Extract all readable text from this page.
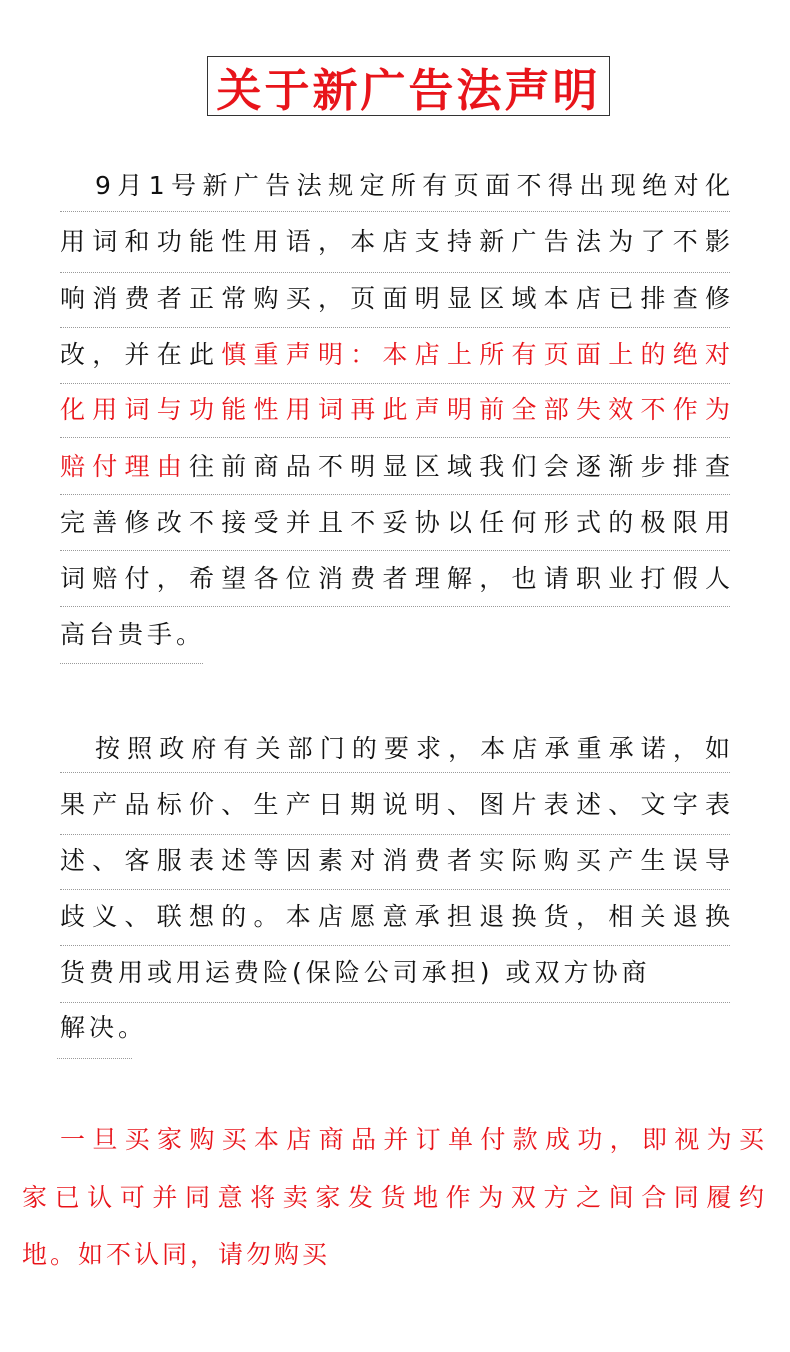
关于新广告法声明
9月1号新广告法规定所有页面不得出现绝对化
用词和功能性用语，本店支持新广告法为了不影
响消费者正常购买，页面明显区域本店已排查修
改，并在此慎重声明：本店上所有页面上的绝对
化用词与功能性用词再此声明前全部失效不作为
赔付理由往前商品不明显区域我们会逐渐步排查
完善修改不接受并且不妥协以任何形式的极限用
词赔付，希望各位消费者理解，也请职业打假人
高台贵手。
按照政府有关部门的要求，本店承重承诺，如
果产品标价、生产日期说明、图片表述、文字表
述、客服表述等因素对消费者实际购买产生误导
歧义、联想的。本店愿意承担退换货，相关退换
货费用或用运费险(保险公司承担) 或双方协商
解决。
一旦买家购买本店商品并订单付款成功，即视为买
家已认可并同意将卖家发货地作为双方之间合同履约
地。如不认同，请勿购买
